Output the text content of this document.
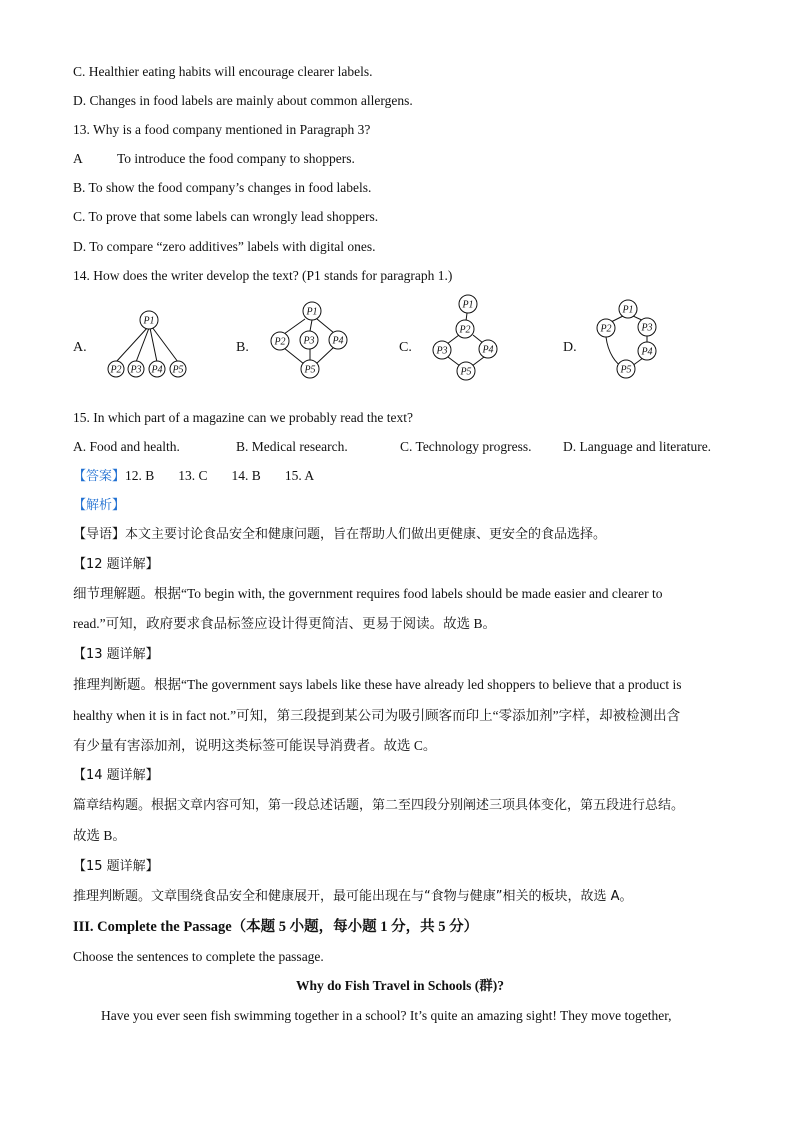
C. Healthier eating habits will encourage clearer labels.
D. Changes in food labels are mainly about common allergens.
13. Why is a food company mentioned in Paragraph 3?
A	To introduce the food company to shoppers.
B. To show the food company’s changes in food labels.
C. To prove that some labels can wrongly lead shoppers.
D. To compare “zero additives” labels with digital ones.
14. How does the writer develop the text? (P1 stands for paragraph 1.)
A.
P1
P2 P3 P4 P5
B.
P1
P2 P3 P4
P5
C.
P1
P2
P3	P4
P5
D.
P1
P2	P3
P4
P5
15. In which part of a magazine can we probably read the text?
A. Food and health.	B. Medical research.	C. Technology progress. D. Language and literature.
【答案】12. B 13. C 14. B 15. A
【解析】
【导语】本文主要讨论食品安全和健康问题，旨在帮助人们做出更健康、更安全的食品选择。
【12 题详解】
细节理解题。根据“To begin with, the government requires food labels should be made easier and clearer to
read.”可知，政府要求食品标签应设计得更简洁、更易于阅读。故选 B。
【13 题详解】
推理判断题。根据“The government says labels like these have already led shoppers to believe that a product is
healthy when it is in fact not.”可知，第三段提到某公司为吸引顾客而印上“零添加剂”字样，却被检测出含
有少量有害添加剂，说明这类标签可能误导消费者。故选 C。
【14 题详解】
篇章结构题。根据文章内容可知，第一段总述话题，第二至四段分别阐述三项具体变化，第五段进行总结。
故选 B。
【15 题详解】
推理判断题。文章围绕食品安全和健康展开，最可能出现在与“食物与健康”相关的板块，故选 A。
III. Complete the Passage（本题 5 小题，每小题 1 分，共 5 分）
Choose the sentences to complete the passage.
Why do Fish Travel in Schools (群)?
Have you ever seen fish swimming together in a school? It’s quite an amazing sight! They move together,
